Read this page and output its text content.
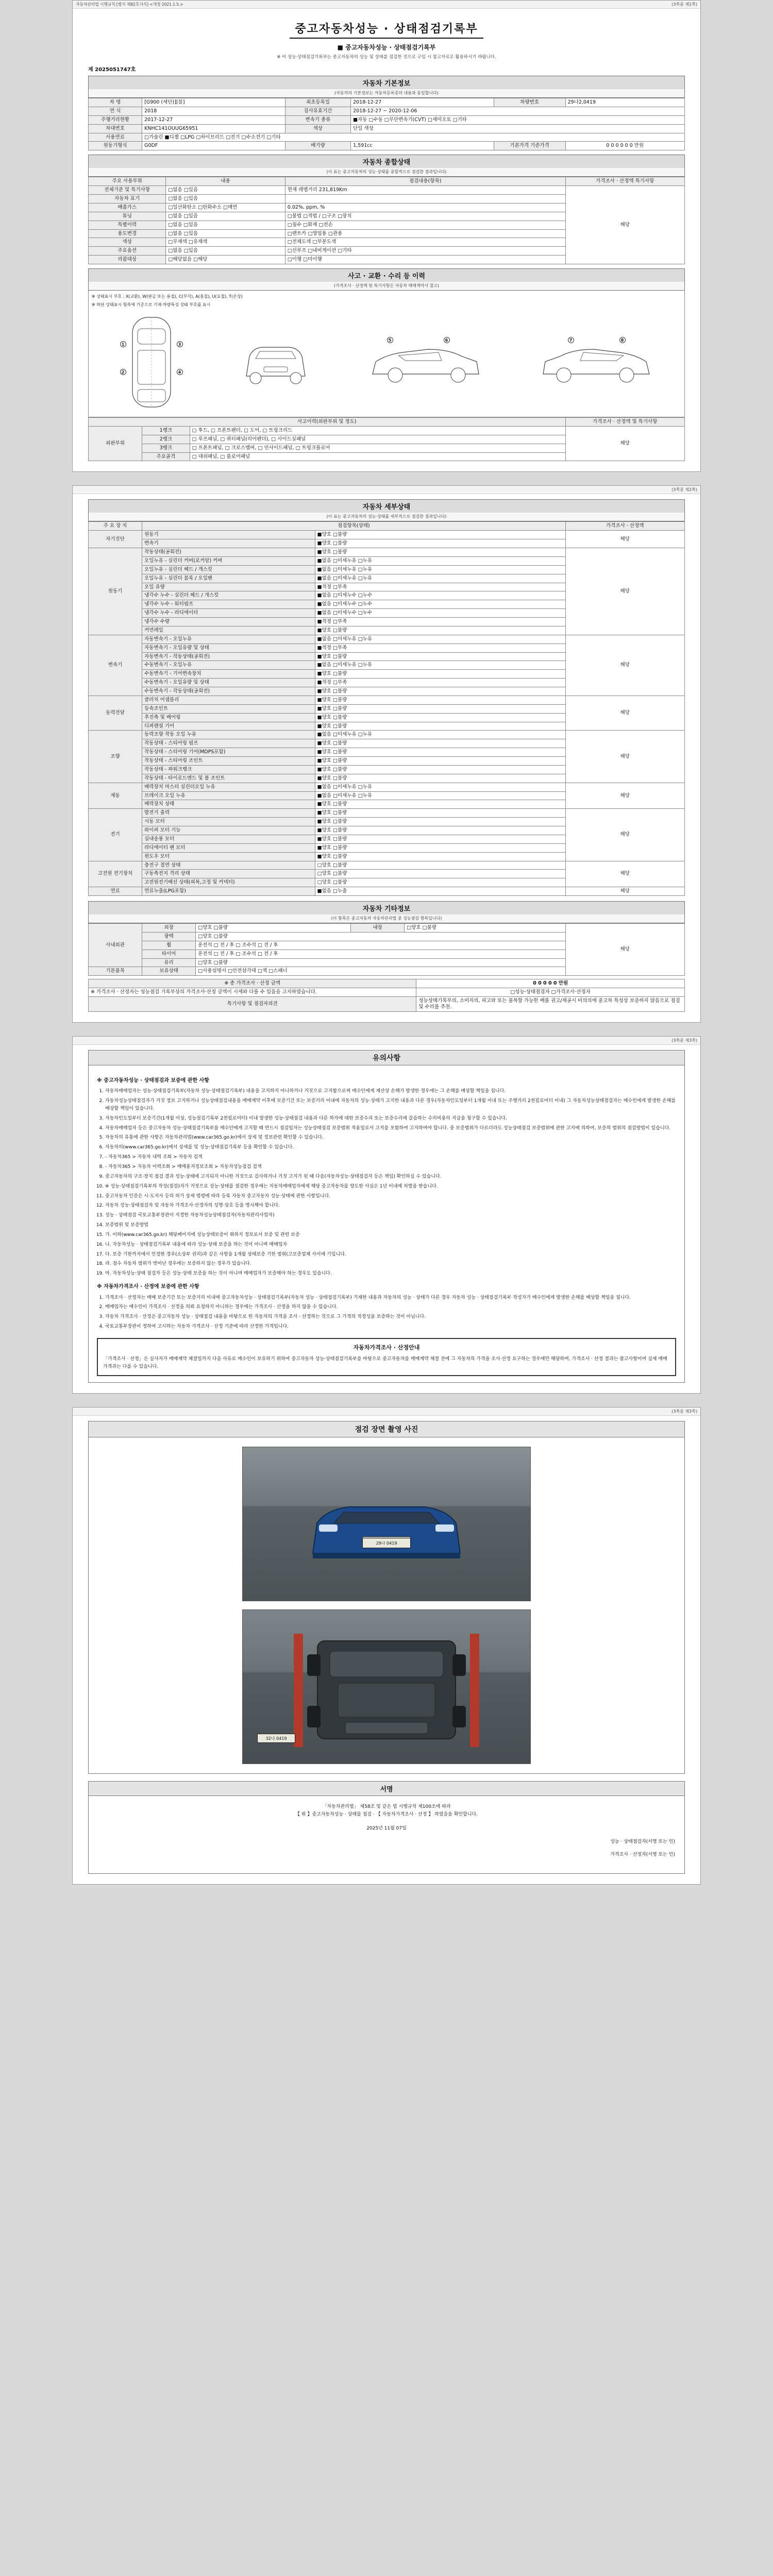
자동차관리법 시행규칙 [별지 제82호서식] <개정 2021.1.5.>	(3쪽중 제1쪽)
중고자동차성능 · 상태점검기록부
■ 중고자동차성능 · 상태점검기록부
※ 이 성능·상태점검기록부는 중고자동차의 성능 및 상태를 점검한 것으로 구입 시 참고자료로 활용하시기 바랍니다.
제 2025051747호
자동차 기본정보
(자동차의 기본정보는 자동차등록증의 내용과 동일합니다)
차 명	[G900 (세단)][블]	최초등록일	2018-12-27	차량번호	29나2,0419
연 식	2018	검사유효기간	2018-12-27 ~ 2020-12-06		
주행거리현황	2017-12-27	변속기 종류	■자동 □수동 □무단변속기(CVT) □세미오토 □기타		
차대번호	KNHC141OUUG65951	색상	단일 색상		
사용연료	□가솔린 ■디젤 □LPG □하이브리드 □전기 □수소전기 □기타				
원동기형식	G0DF	배기량	1,591cc	기본가격 기준가격	0 0 0 0 0 0 만원
자동차 종합상태
(이 표는 중고자동차의 성능·상태를 종합적으로 점검한 결과입니다)
주요 사용부위	내용	점검내용(항목)	가격조사 · 산정액 특기사항
전체기준 및 특기사항	□없음 □있음	현재 레벨거리 231,819Km	해당
자동차 표기	□없음 □있음		
배출가스	□일산화탄소 □탄화수소 □매연	0.02%, ppm, %	
튜닝	□없음 □있음	□불법 □적법 / □구조 □장치	
특별이력	□없음 □있음	□침수 □화재 □전손	
용도변경	□없음 □있음	□렌트카 □영업용 □관용	
색상	□무채색 □유채색	□전체도색 □부분도색	
주요옵션	□없음 □있음	□선루프 □내비게이션 □기타	
리콜대상	□해당없음 □해당	□이행 □미이행	
사고 · 교환 · 수리 등 이력
(가격조사 · 산정액 및 특기사항은 자동차 매매계약서 참고)
※ 상태표시 부호 : X(교환), W(판금 또는 용접), C(부식), A(흠집), U(요철), T(손상)
※ 하단 상태표시 항목에 기준으로 기재·차량특성 상태 부호를 표시
1
2
3
4
5	6	7	8
사고이력(외판부위 및 정도)			가격조사 · 산정액 및 특기사항
외판부위	1랭크	□ 후드, □ 프론트펜더, □ 도어, □ 트렁크리드	해당
	2랭크	□ 루프패널, □ 쿼터패널(리어펜더), □ 사이드실패널	
	3랭크	□ 프론트패널, □ 크로스멤버, □ 인사이드패널, □ 트렁크플로어	
	주요골격	□ 대쉬패널, □ 플로어패널	

(3쪽중 제2쪽)
자동차 세부상태
(이 표는 중고자동차의 성능·상태를 세부적으로 점검한 결과입니다)
주 요 장 치	점검항목(상태)		가격조사 · 산정액
자기진단	원동기	■양호 □불량	해당
	변속기	■양호 □불량	
원동기	작동상태(공회전)	■양호 □불량	해당
	오일누유 - 실린더 커버(로커암) 커버	■없음 □미세누유 □누유	
	오일누유 - 실린더 헤드 / 개스킷	■없음 □미세누유 □누유	
	오일누유 - 실린더 블록 / 오일팬	■없음 □미세누유 □누유	
	오일 유량	■적정 □부족	
	냉각수 누수 - 실린더 헤드 / 개스킷	■없음 □미세누수 □누수	
	냉각수 누수 - 워터펌프	■없음 □미세누수 □누수	
	냉각수 누수 - 라디에이터	■없음 □미세누수 □누수	
	냉각수 수량	■적정 □부족	
	커먼레일	■양호 □불량	
변속기	자동변속기 - 오일누유	■없음 □미세누유 □누유	해당
	자동변속기 - 오일유량 및 상태	■적정 □부족	
	자동변속기 - 작동상태(공회전)	■양호 □불량	
	수동변속기 - 오일누유	■없음 □미세누유 □누유	
	수동변속기 - 기어변속장치	■양호 □불량	
	수동변속기 - 오일유량 및 상태	■적정 □부족	
	수동변속기 - 작동상태(공회전)	■양호 □불량	
동력전달	클러치 어셈블리	■양호 □불량	해당
	등속조인트	■양호 □불량	
	추진축 및 베어링	■양호 □불량	
	디퍼렌셜 기어	■양호 □불량	
조향	동력조향 작동 오일 누유	■없음 □미세누유 □누유	해당
	작동상태 - 스티어링 펌프	■양호 □불량	
	작동상태 - 스티어링 기어(MDPS포함)	■양호 □불량	
	작동상태 - 스티어링 조인트	■양호 □불량	
	작동상태 - 파워크랭크	■양호 □불량	
	작동상태 - 타이로드엔드 및 볼 조인트	■양호 □불량	
제동	배력장치 마스터 실린더오일 누유	■없음 □미세누유 □누유	해당
	브레이크 오일 누유	■없음 □미세누유 □누유	
	배력장치 상태	■양호 □불량	
전기	발전기 출력	■양호 □불량	해당
	시동 모터	■양호 □불량	
	와이퍼 모터 기능	■양호 □불량	
	실내송풍 모터	■양호 □불량	
	라디에이터 팬 모터	■양호 □불량	
	윈도우 모터	■양호 □불량	
고전원 전기장치	충전구 절연 상태	□양호 □불량	해당
	구동축전지 격리 상태	□양호 □불량	
	고전원전기배선 상태(피복,고정 및 커넥터)	□양호 □불량	
연료	연료누출(LPG포함)	■없음 □누출	해당
자동차 기타정보
(이 항목은 중고자동차 자동차관리법 중 성능점검 항목입니다)
사내외관	외장	□양호 □불량	내장	□양호 □불량	해당
	광택	□양호 □불량			
	휠	운전석 □ 전 / 후 □ 조수석 □ 전 / 후			
	타이어	운전석 □ 전 / 후 □ 조수석 □ 전 / 후			
	유리	□양호 □불량			
기본품목	보유상태	□사용설명서 □안전삼각대 □잭 □스패너			
※ 총 가격조사 · 산정 금액	0 0 0 0 0 만원
※ 가격조사 · 산정자는 성능점검 기록부상의 가격조사·산정 금액이 시세와 다를 수 있음을 고지하였습니다.	□성능·상태점검자 □가격조사·산정자
특기사항 및 점검자의견	성능상태기록부의, 소비자의, 피고와 또는 불복할 가능한 배를 권고/제공시 비의의에 중고차 특성상 보증하지 않음으로 점검 및 수리를 추천.

(3쪽중 제3쪽)
유의사항
※ 중고자동차성능 · 상태점검과 보증에 관한 사항
1. 자동차매매업자는 성능·상태점검기록부(자동차 성능·상태점검기록부) 내용을 고지하지 아니하거나 거짓으로 고지함으로써 매수인에게 재산상 손해가 발생한 경우에는 그 손해를 배상할 책임을 집니다.
2. 자동차성능상태점검자가 거짓 정보 고지하거나 성능상태점검내용을 매매계약 이후에 보증기간 또는 보증거리 이내에 자동차의 성능·상태가 고지한 내용과 다른 경우(자동차인도일부터 1개월 이내 또는 주행거리 2천킬로미터 이내) 그 자동차성능상태점검자는 매수인에게 발생한 손해를 배상할 책임이 있습니다.
3. 자동차인도일부터 보증기간(1개월 이상, 성능점검기록부 2천킬로미터) 이내 발생한 성능·상태점검 내용과 다른 하자에 대한 보증수리 또는 보증수리에 갈음하는 수리비용의 지급을 청구할 수 있습니다.
4. 자동차매매업자 등은 중고자동차 성능·상태점검기록부를 매수인에게 고지할 때 반드시 점검일자는 성능상태점검 보증범위 적용일로서 고지를 포함하여 고지하여야 합니다. 중 보증범위가 다르더라도 성능상태점검 보증범위에 관한 고지에 의하여, 보증의 범위의 점검방법이 있습니다.
5. 자동차의 유통에 관한 사항은 자동차관리법(www.car365.go.kr)에서 상세 및 정보관련 확인할 수 있습니다.
6. 자동차의(www.car365.go.kr)에서 상세를 및 성능·상태점검기록부 등을 확인할 수 있습니다.
7. - 자동차365 > 자동차 내역 조회 > 자동차 검색
8. - 자동차365 > 자동차 이력조회 > 매매용자정보조회 > 자동차성능점검 검색
9. 중고자동차의 구조·장치 점검 결과 성능·상태에 고지되지 아니한 거짓으로 검사하거나 거짓 고지가 된 때 다음(자동차성능·상태점검자 등은 책임) 확인하실 수 있습니다.
10. ※ 성능·상태점검기록부의 작성(점검)자가 거짓으로 성능·상태를 점검한 경우에는 자동차매매업자에게 해당 중고자동차를 양도한 사실은 1년 이내에 처벌을 받습니다.
11. 중고자동차 인증은 시·도지사 등의 허가 상세 법령에 따라 등록 자동차 중고자동차 성능·상태에 관한 사항입니다.
12. 자동차 성능·상태점검자 및 자동차 가격조사·산정자의 성명·상호 등을 명시해야 합니다.
13. 성능 · 상태점검 국토교통부장관이 지정한 자동차성능상태점검자(자동차관리사업자)
14. 보증범위 및 보증방법
15. 가. 이하(www.car365.go.kr) 해당페이지에 성능상태보증이 위하지 정보로서 보증 및 관련 보증
16. 나. 자동차성능 · 상태점검기록부 내용에 따라 성능·상태 보증을 하는 것이 아니며 매매업자
17. 다. 보증 기한까지에서 인정한 경우(소상부 권리)과 같은 사항을 1개월 상태보증 기한 범위(고보증업체 사이에 기입니다.
18. 라. 점수 자동차 범위가 벗어난 경우에는 보증하지 않는 경우가 있습니다.
19. 마. 자동차성능·상태 점검자 등은 성능·상태 보증을 하는 것이 아니며 매매업자가 보증해야 하는 경우도 있습니다.
※ 자동차가격조사 · 산정에 보증에 관한 사항
1. 가격조사 · 산정자는 매매 보증기간 또는 보증거리 이내에 중고자동차성능 · 상태점검기록부(자동차 성능 · 상태점검기록부) 기재한 내용과 자동차의 성능 · 상태가 다른 경우 자동차 성능 · 상태점검기록부 작성자가 매수인에게 발생한 손해를 배상할 책임을 집니다.
2. 매매업자는 매수인이 가격조사 · 산정을 의뢰 요청하지 아니하는 경우에는 가격조사 · 산정을 하지 않을 수 있습니다.
3. 자동차 가격조사 · 산정은 중고자동차 성능 · 상태점검 내용을 바탕으로 한 자동차의 가격을 조사 · 산정하는 것으로 그 가격의 적정성을 보증하는 것이 아닙니다.
4. 국토교통부장관이 정하여 고시하는 자동차 가격조사 · 산정 기준에 따라 산정한 가격입니다.
자동차가격조사 · 산정안내
「가격조사 · 산정」은 실사자가 매매계약 체결일까지 다음 사유로 매수인이 보유하기 위하여 중고자동차 성능·상태점검기록부를 바탕으로 중고자동차를 매매계약 체결 전에 그 자동차의 가격을 조사·산정 요구하는 경우에만 해당하며, 가격조사 · 산정 결과는 참고사항이며 실제 매매가격과는 다를 수 있습니다.

(3쪽중 제3쪽)
점검 장면 촬영 사진
29나 0419
32나 0419
서명
「자동차관리법」 제58조 및 같은 법 시행규칙 제100조에 따라
【 위 】중고자동차성능 · 상태를 점검 · 【 자동차가격조사 · 산정 】 하였음을 확인합니다.
2025년 11월 07일
성능 · 상태점검자(서명 또는 인)
가격조사 · 산정자(서명 또는 인)
